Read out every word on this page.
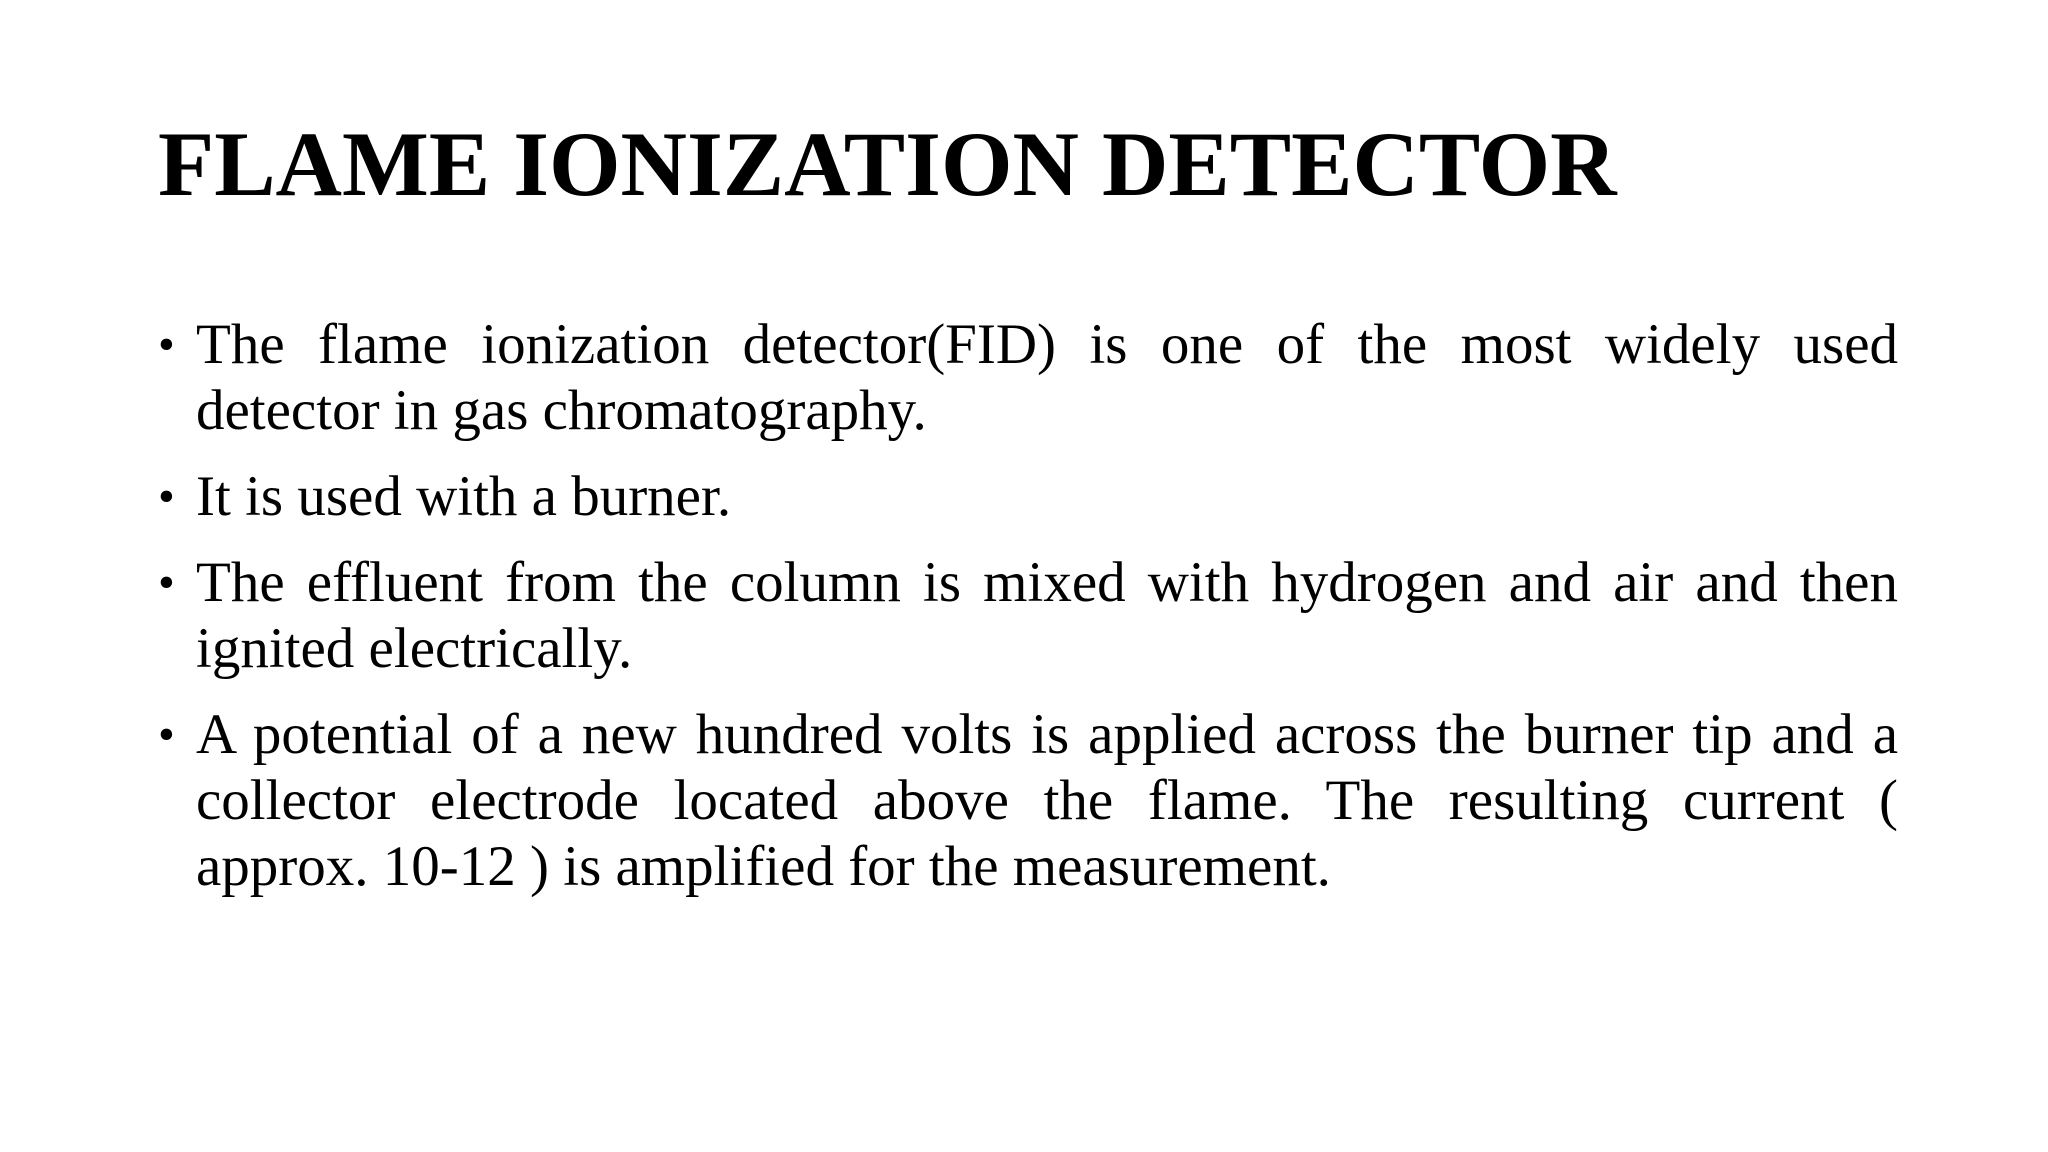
FLAME IONIZATION DETECTOR
• The flame ionization detector(FID) is one of the most widely used detector in gas chromatography.
• It is used with a burner.
• The effluent from the column is mixed with hydrogen and air and then ignited electrically.
• A potential of a new hundred volts is applied across the burner tip and a collector electrode located above the flame. The resulting current ( approx. 10-12 ) is amplified for the measurement.
